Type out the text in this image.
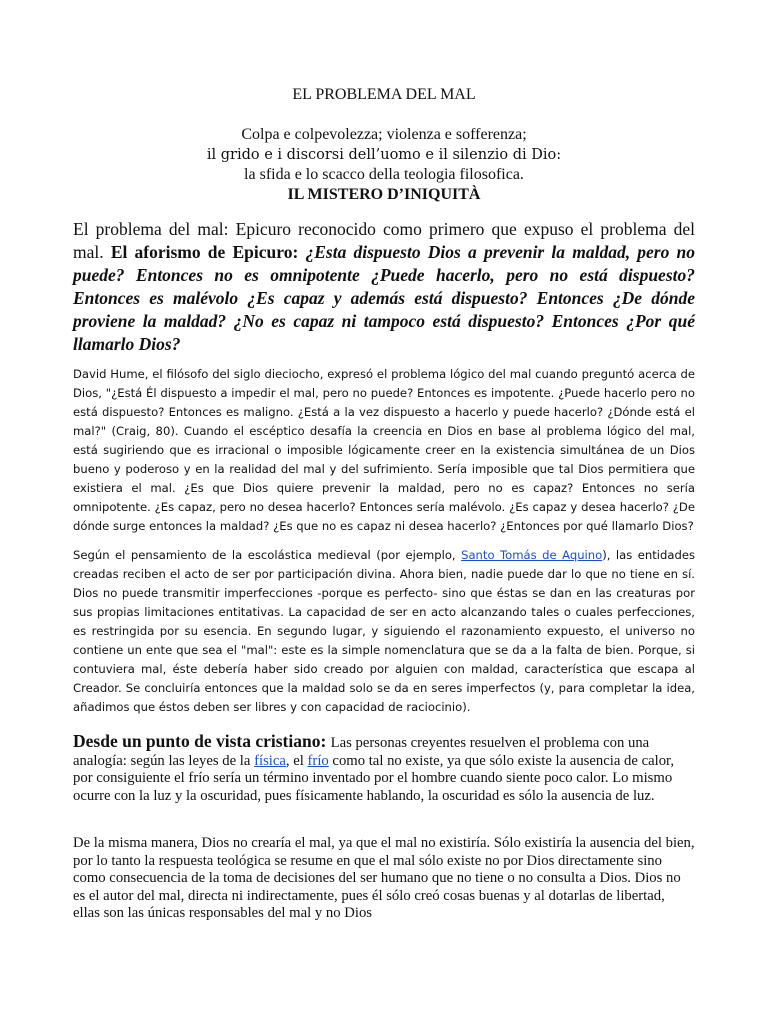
EL PROBLEMA DEL MAL
Colpa e colpevolezza; violenza e sofferenza;
il grido e i discorsi dell’uomo e il silenzio di Dio:
la sfida e lo scacco della teologia filosofica.
IL MISTERO D’INIQUITÀ

El problema del mal: Epicuro reconocido como primero que expuso el problema del mal. El aforismo de Epicuro: ¿Esta dispuesto Dios a prevenir la maldad, pero no puede? Entonces no es omnipotente ¿Puede hacerlo, pero no está dispuesto? Entonces es malévolo ¿Es capaz y además está dispuesto? Entonces ¿De dónde proviene la maldad? ¿No es capaz ni tampoco está dispuesto? Entonces ¿Por qué llamarlo Dios?

David Hume, el filósofo del siglo dieciocho, expresó el problema lógico del mal cuando preguntó acerca de Dios, "¿Está Él dispuesto a impedir el mal, pero no puede? Entonces es impotente. ¿Puede hacerlo pero no está dispuesto? Entonces es maligno. ¿Está a la vez dispuesto a hacerlo y puede hacerlo? ¿Dónde está el mal?" (Craig, 80). Cuando el escéptico desafía la creencia en Dios en base al problema lógico del mal, está sugiriendo que es irracional o imposible lógicamente creer en la existencia simultánea de un Dios bueno y poderoso y en la realidad del mal y del sufrimiento. Sería imposible que tal Dios permitiera que existiera el mal. ¿Es que Dios quiere prevenir la maldad, pero no es capaz? Entonces no sería omnipotente. ¿Es capaz, pero no desea hacerlo? Entonces sería malévolo. ¿Es capaz y desea hacerlo? ¿De dónde surge entonces la maldad? ¿Es que no es capaz ni desea hacerlo? ¿Entonces por qué llamarlo Dios?

Según el pensamiento de la escolástica medieval (por ejemplo, Santo Tomás de Aquino), las entidades creadas reciben el acto de ser por participación divina. Ahora bien, nadie puede dar lo que no tiene en sí. Dios no puede transmitir imperfecciones -porque es perfecto- sino que éstas se dan en las creaturas por sus propias limitaciones entitativas. La capacidad de ser en acto alcanzando tales o cuales perfecciones, es restringida por su esencia. En segundo lugar, y siguiendo el razonamiento expuesto, el universo no contiene un ente que sea el "mal": este es la simple nomenclatura que se da a la falta de bien. Porque, si contuviera mal, éste debería haber sido creado por alguien con maldad, característica que escapa al Creador. Se concluiría entonces que la maldad solo se da en seres imperfectos (y, para completar la idea, añadimos que éstos deben ser libres y con capacidad de raciocinio).

Desde un punto de vista cristiano: Las personas creyentes resuelven el problema con una analogía: según las leyes de la física, el frío como tal no existe, ya que sólo existe la ausencia de calor, por consiguiente el frío sería un término inventado por el hombre cuando siente poco calor. Lo mismo ocurre con la luz y la oscuridad, pues físicamente hablando, la oscuridad es sólo la ausencia de luz.

De la misma manera, Dios no crearía el mal, ya que el mal no existiría. Sólo existiría la ausencia del bien, por lo tanto la respuesta teológica se resume en que el mal sólo existe no por Dios directamente sino como consecuencia de la toma de decisiones del ser humano que no tiene o no consulta a Dios. Dios no es el autor del mal, directa ni indirectamente, pues él sólo creó cosas buenas y al dotarlas de libertad, ellas son las únicas responsables del mal y no Dios
